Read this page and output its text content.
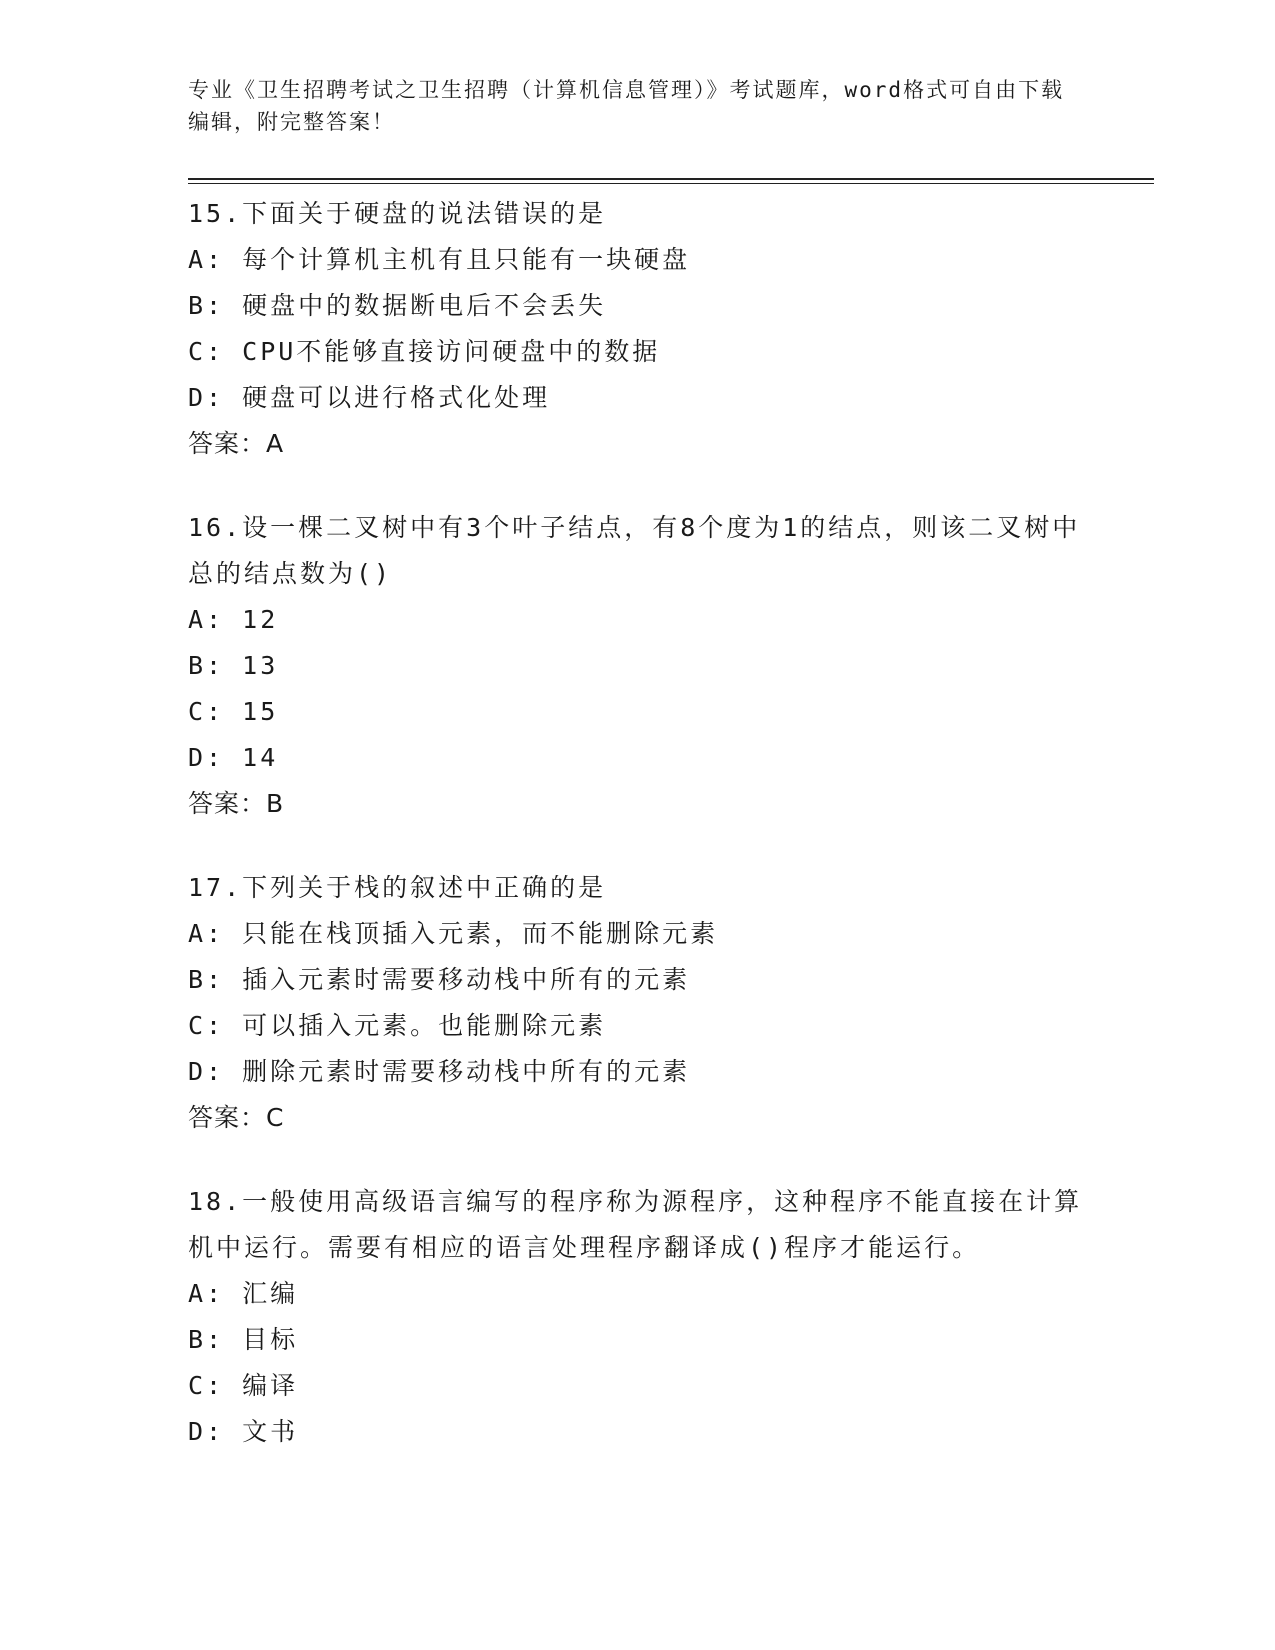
专业《卫生招聘考试之卫生招聘（计算机信息管理）》考试题库，word格式可自由下载编辑，附完整答案！
15.下面关于硬盘的说法错误的是
A: 每个计算机主机有且只能有一块硬盘
B: 硬盘中的数据断电后不会丢失
C: CPU不能够直接访问硬盘中的数据
D: 硬盘可以进行格式化处理
答案：A
16.设一棵二叉树中有3个叶子结点，有8个度为1的结点，则该二叉树中总的结点数为()
A: 12
B: 13
C: 15
D: 14
答案：B
17.下列关于栈的叙述中正确的是
A: 只能在栈顶插入元素，而不能删除元素
B: 插入元素时需要移动栈中所有的元素
C: 可以插入元素。也能删除元素
D: 删除元素时需要移动栈中所有的元素
答案：C
18.一般使用高级语言编写的程序称为源程序，这种程序不能直接在计算机中运行。需要有相应的语言处理程序翻译成()程序才能运行。
A: 汇编
B: 目标
C: 编译
D: 文书
